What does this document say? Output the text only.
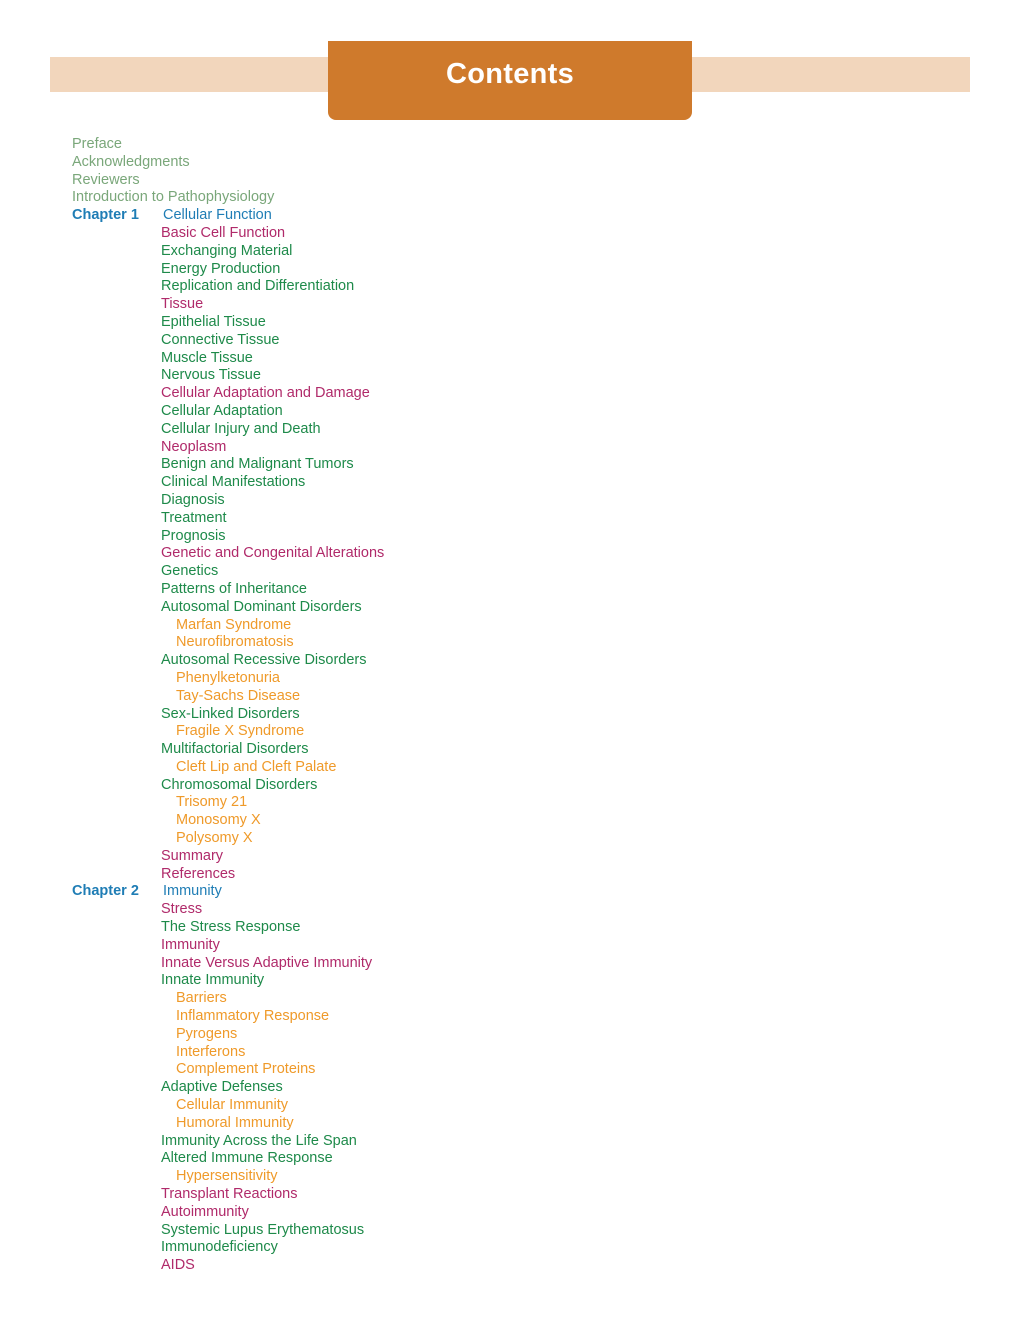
Contents
Preface
Acknowledgments
Reviewers
Introduction to Pathophysiology
Chapter 1 Cellular Function
Basic Cell Function
Exchanging Material
Energy Production
Replication and Differentiation
Tissue
Epithelial Tissue
Connective Tissue
Muscle Tissue
Nervous Tissue
Cellular Adaptation and Damage
Cellular Adaptation
Cellular Injury and Death
Neoplasm
Benign and Malignant Tumors
Clinical Manifestations
Diagnosis
Treatment
Prognosis
Genetic and Congenital Alterations
Genetics
Patterns of Inheritance
Autosomal Dominant Disorders
Marfan Syndrome
Neurofibromatosis
Autosomal Recessive Disorders
Phenylketonuria
Tay-Sachs Disease
Sex-Linked Disorders
Fragile X Syndrome
Multifactorial Disorders
Cleft Lip and Cleft Palate
Chromosomal Disorders
Trisomy 21
Monosomy X
Polysomy X
Summary
References
Chapter 2 Immunity
Stress
The Stress Response
Immunity
Innate Versus Adaptive Immunity
Innate Immunity
Barriers
Inflammatory Response
Pyrogens
Interferons
Complement Proteins
Adaptive Defenses
Cellular Immunity
Humoral Immunity
Immunity Across the Life Span
Altered Immune Response
Hypersensitivity
Transplant Reactions
Autoimmunity
Systemic Lupus Erythematosus
Immunodeficiency
AIDS
